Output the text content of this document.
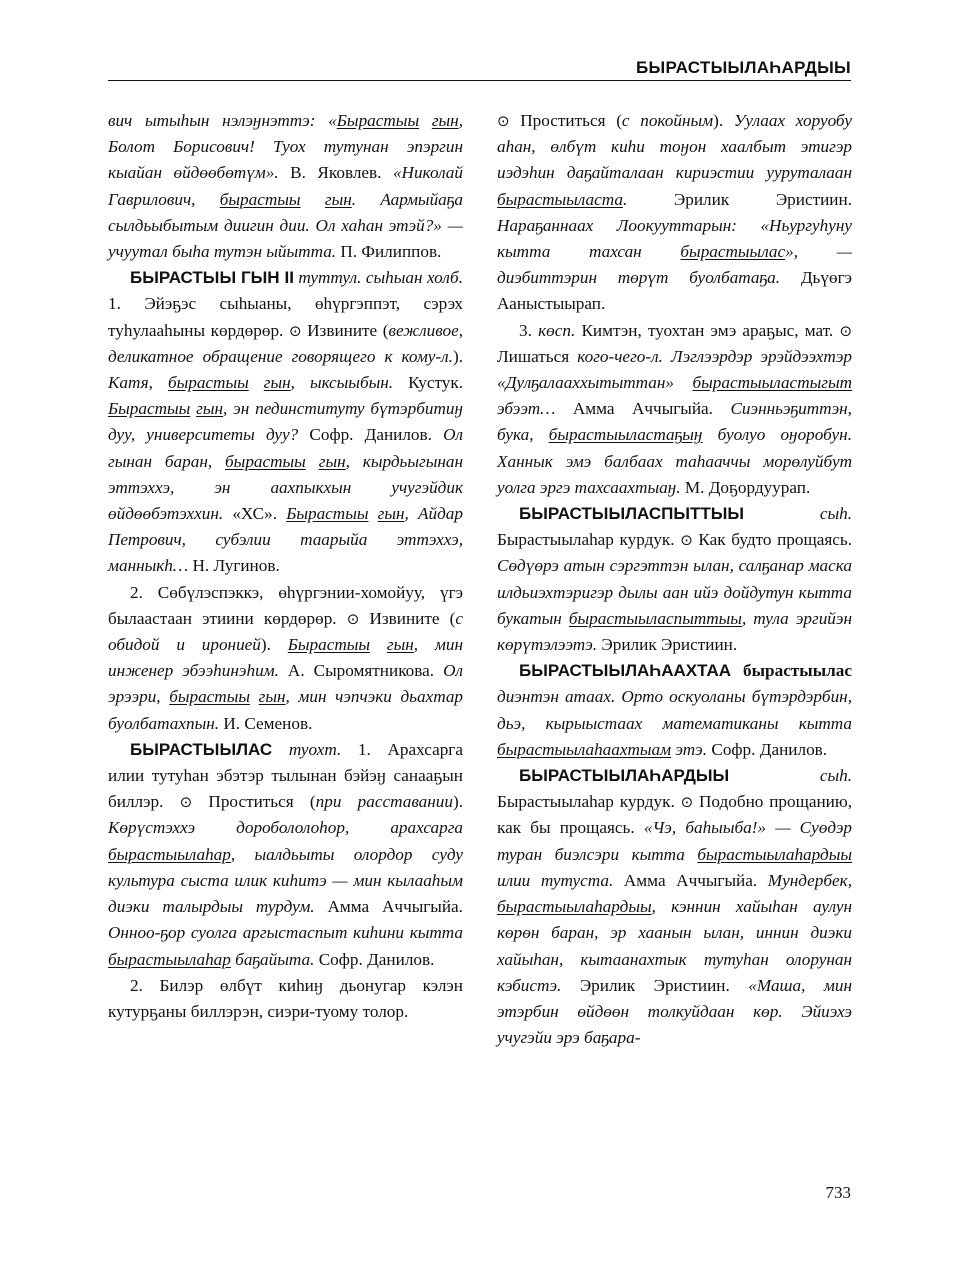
БЫРАСТЫЫЛАҺАРДЫЫ

вич ытыһын нэлэӈнэттэ: «Бырастыы гын, Болот Борисович! Туох тутунан эпэргин кыайан өйдөөбөтүм». В. Яковлев. «Николай Гаврилович, бырастыы гын. Аармыйаҕа сылдьыбытым диигин дии. Ол хаһан этэй?» — учуутал быһа тутэн ыйытта. П. Филиппов.

БЫРАСТЫЫ ГЫН II туттул. сыһыан холб. 1. Эйэҕэс сыһыаны, өһүргэппэт, сэрэх туһулааһыны көрдөрөр. ⊙ Извините (вежливое, деликатное обращение говорящего к кому-л.). Катя, бырастыы гын, ыксыыбын. Кустук. Бырастыы гын, эн пединституту бүтэрбитиӈ дуу, университеты дуу? Софр. Данилов. Ол гынан баран, бырастыы гын, кырдьыгынан эттэххэ, эн аахпыкхын учугэйдик өйдөөбэтэххин. «ХС». Бырастыы гын, Айдар Петрович, субэлии таарыйа эттэххэ, манныкh… Н. Лугинов.

2. Сөбүлэспэккэ, өһүргэнии-хомойуу, үгэ былаастаан этиини көрдөрөр. ⊙ Извините (с обидой и иронией). Бырастыы гын, мин инженер эбээһинэһим. А. Сыромятникова. Ол эрээри, бырастыы гын, мин чэпчэки дьахтар буолбатахпын. И. Семенов.

БЫРАСТЫЫЛАС туохт. 1. Арахсарга илии тутуһан эбэтэр тылынан бэйэӈ санааҕын биллэр. ⊙ Проститься (при расставании). Көрүстэххэ доробололоһор, арахсарга бырастыылаһар, ыалдьыты олордор суду культура сыста илик киһитэ — мин кылааһым диэки талырдыы турдум. Амма Аччыгыйа. Онноо-ҕор суолга аргыстаспыт киһини кытта бырастыылаһар баҕайыта. Софр. Данилов.

2. Билэр өлбүт киһиӈ дьонугар кэлэн кутурҕаны биллэрэн, сиэри-туому толор.

⊙ Проститься (с покойным). Уулаах хоруобу аһан, өлбүт киһи тоӈон хаалбыт этигэр иэдэһин даҕайталаан кириэстии ууруталаан бырастыыласта. Эрилик Эристиин. Нараҕаннаах Лоокууттарын: «Ньургуһуну кытта тахсан бырастыылас», — диэбиттэрин төрүт буолбатаҕа. Дьүөгэ Ааныстыырап.

3. көсп. Кимтэн, туохтан эмэ араҕыс, мат. ⊙ Лишаться кого-чего-л. Лэглээрдэр эрэйдээхтэр «Дулҕалааххытыттан» бырастыыластыгыт эбээт… Амма Аччыгыйа. Сиэнньэҕиттэн, бука, бырастыыластаҕыӈ буолуо оӈоробун. Ханнык эмэ балбаах таһааччы морөлуйбут уолга эргэ тахсаахтыаӈ. М. Доҕордуурап.

БЫРАСТЫЫЛАСПЫТТЫЫ сыһ. Бырастыылаһар курдук. ⊙ Как будто прощаясь. Сөдүөрэ атын сэргэттэн ылан, салҕанар маска илдьиэхтэригэр дылы аан ийэ дойдутун кытта букатын бырастыыласпыттыы, тула эргийэн көрүтэлээтэ. Эрилик Эристиин.

БЫРАСТЫЫЛАҺААХТАА бырастыылас диэнтэн атаах. Орто оскуоланы бүтэрдэрбин, дьэ, кырыыстаах математиканы кытта бырастыылаһаахтыам этэ. Софр. Данилов.

БЫРАСТЫЫЛАҺАРДЫЫ сыһ. Бырастыылаһар курдук. ⊙ Подобно прощанию, как бы прощаясь. «Чэ, баһыыба!» — Суөдэр туран биэлсэри кытта бырастыылаһардыы илии тутуста. Амма Аччыгыйа. Мундербек, бырастыылаһардыы, кэннин хайыһан аулун көрөн баран, эр хаанын ылан, иннин диэки хайыһан, кытаанахтык тутуһан олорунан кэбистэ. Эрилик Эристиин. «Маша, мин этэрбин өйдөөн толкуйдаан көр. Эйиэхэ учугэйи эрэ баҕара-

733
